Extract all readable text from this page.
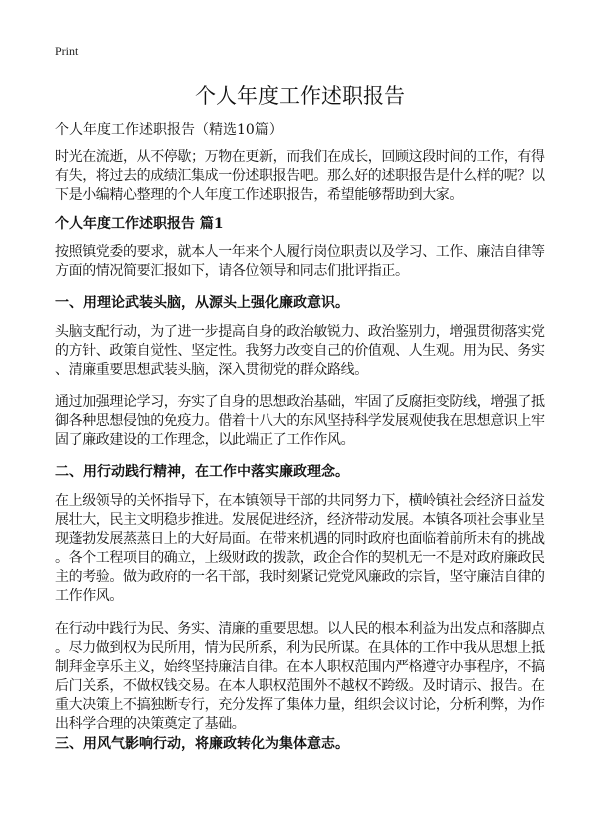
Print
个人年度工作述职报告
个人年度工作述职报告（精选10篇）
时光在流逝，从不停歇；万物在更新，而我们在成长，回顾这段时间的工作，有得
有失，将过去的成绩汇集成一份述职报告吧。那么好的述职报告是什么样的呢？以
下是小编精心整理的个人年度工作述职报告，希望能够帮助到大家。
个人年度工作述职报告 篇1
按照镇党委的要求，就本人一年来个人履行岗位职责以及学习、工作、廉洁自律等
方面的情况简要汇报如下，请各位领导和同志们批评指正。
一、用理论武装头脑，从源头上强化廉政意识。
头脑支配行动，为了进一步提高自身的政治敏锐力、政治鉴别力，增强贯彻落实党
的方针、政策自觉性、坚定性。我努力改变自己的价值观、人生观。用为民、务实
、清廉重要思想武装头脑，深入贯彻党的群众路线。
通过加强理论学习，夯实了自身的思想政治基础，牢固了反腐拒变防线，增强了抵
御各种思想侵蚀的免疫力。借着十八大的东风坚持科学发展观使我在思想意识上牢
固了廉政建设的工作理念，以此端正了工作作风。
二、用行动践行精神，在工作中落实廉政理念。
在上级领导的关怀指导下，在本镇领导干部的共同努力下，横岭镇社会经济日益发
展壮大，民主文明稳步推进。发展促进经济，经济带动发展。本镇各项社会事业呈
现蓬勃发展蒸蒸日上的大好局面。在带来机遇的同时政府也面临着前所未有的挑战
。各个工程项目的确立，上级财政的拨款，政企合作的契机无一不是对政府廉政民
主的考验。做为政府的一名干部，我时刻紧记党党风廉政的宗旨，坚守廉洁自律的
工作作风。
在行动中践行为民、务实、清廉的重要思想。以人民的根本利益为出发点和落脚点
。尽力做到权为民所用，情为民所系，利为民所谋。在具体的工作中我从思想上抵
制拜金享乐主义，始终坚持廉洁自律。在本人职权范围内严格遵守办事程序，不搞
后门关系，不做权钱交易。在本人职权范围外不越权不跨级。及时请示、报告。在
重大决策上不搞独断专行，充分发挥了集体力量，组织会议讨论，分析利弊，为作
出科学合理的决策奠定了基础。
三、用风气影响行动，将廉政转化为集体意志。
